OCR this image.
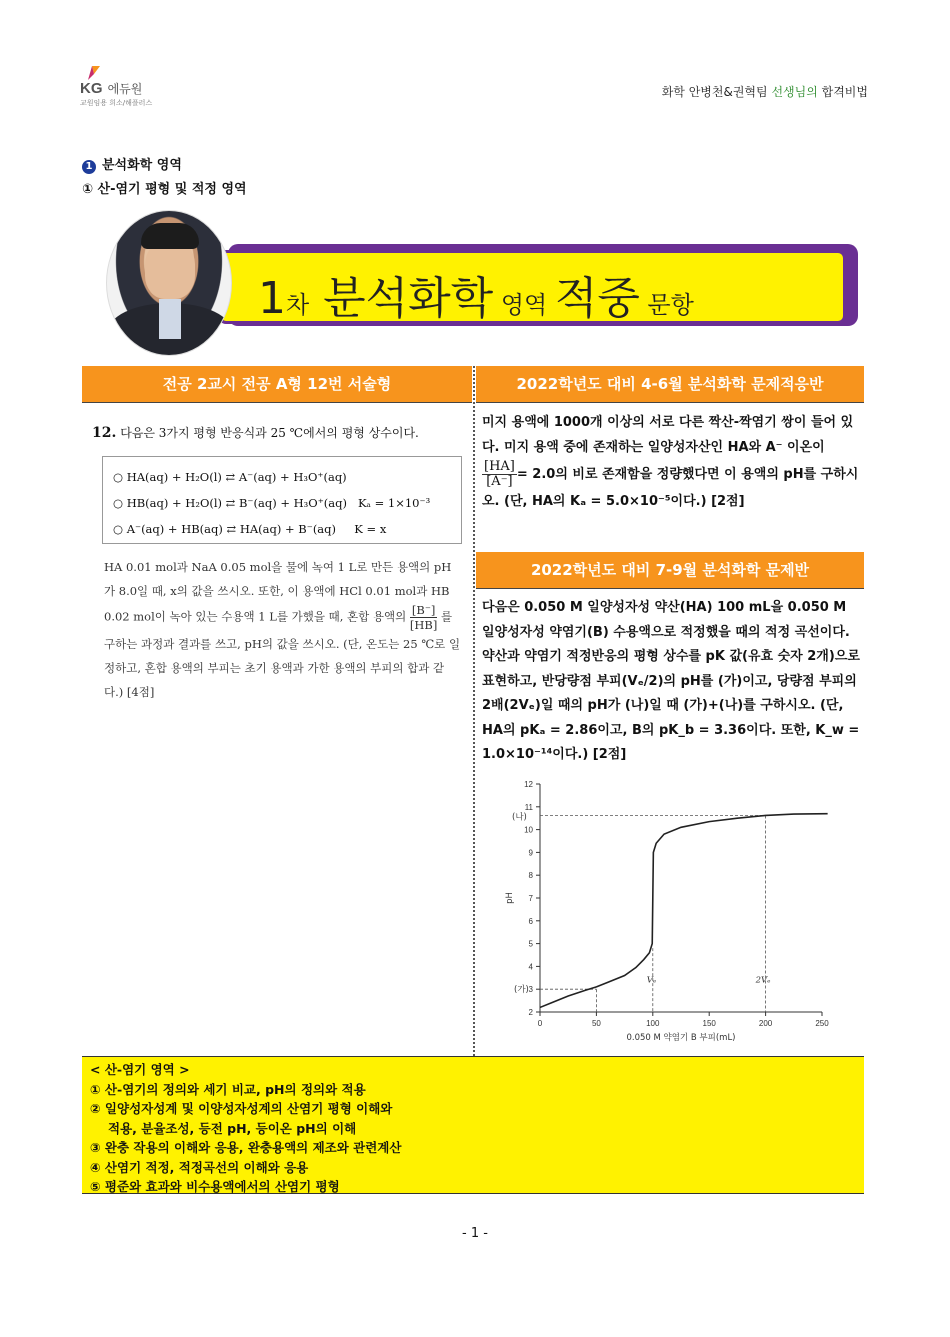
KG 에듀원
교원임용 희소/해플러스
화학 안병천&권혁팀 선생님의 합격비법
1 분석화학 영역
① 산-염기 평형 및 적정 영역
1차 분석화학 영역 적중 문항
전공 2교시 전공 A형 12번 서술형	2022학년도 대비 4-6월 분석화학 문제적응반
12. 다음은 3가지 평형 반응식과 25 ℃에서의 평형 상수이다.
○ HA(aq) + H₂O(l) ⇄ A⁻(aq) + H₃O⁺(aq)
○ HB(aq) + H₂O(l) ⇄ B⁻(aq) + H₃O⁺(aq) Kₐ = 1×10⁻³
○ A⁻(aq) + HB(aq) ⇄ HA(aq) + B⁻(aq) K = x
HA 0.01 mol과 NaA 0.05 mol을 물에 녹여 1 L로 만든 용액의 pH가 8.0일 때, x의 값을 쓰시오. 또한, 이 용액에 HCl 0.01 mol과 HB 0.02 mol이 녹아 있는 수용액 1 L를 가했을 때, 혼합 용액의 $\frac{[B^-]}{[HB]}$ 를 구하는 과정과 결과를 쓰고, pH의 값을 쓰시오. (단, 온도는 25 ℃로 일정하고, 혼합 용액의 부피는 초기 용액과 가한 용액의 부피의 합과 같다.) [4점]
미지 용액에 1000개 이상의 서로 다른 짝산-짝염기 쌍이 들어 있다. 미지 용액 중에 존재하는 일양성자산인 HA와 A⁻ 이온이
$\frac{[HA]}{[A^-]} = 2.0$의 비로 존재함을 정량했다면 이 용액의 pH를 구하시오. (단, HA의 Kₐ = 5.0×10⁻⁵이다.) [2점]
2022학년도 대비 7-9월 분석화학 문제반
다음은 0.050 M 일양성자성 약산(HA) 100 mL을 0.050 M 일양성자성 약염기(B) 수용액으로 적정했을 때의 적정 곡선이다. 약산과 약염기 적정반응의 평형 상수를 pK 값(유효 숫자 2개)으로 표현하고, 반당량점 부피(Vₑ/2)의 pH를 (가)이고, 당량점 부피의 2배(2Vₑ)일 때의 pH가 (나)일 때 (가)+(나)를 구하시오. (단, HA의 pKₐ = 2.86이고, B의 pK_b = 3.36이다. 또한, K_w = 1.0×10⁻¹⁴이다.) [2점]
2
3
4
5
6
7
8
9
10
11
12
0	50	100	150	200	250
0.050 M 약염기 B 부피(mL)
pH
(가)
(나)
Vₑ	2Vₑ
< 산-염기 영역 >
① 산-염기의 정의와 세기 비교, pH의 정의와 적용
② 일양성자성계 및 이양성자성계의 산염기 평형 이해와
적용, 분율조성, 등전 pH, 등이온 pH의 이해
③ 완충 작용의 이해와 응용, 완충용액의 제조와 관련계산
④ 산염기 적정, 적정곡선의 이해와 응용
⑤ 평준와 효과와 비수용액에서의 산염기 평형
- 1 -
